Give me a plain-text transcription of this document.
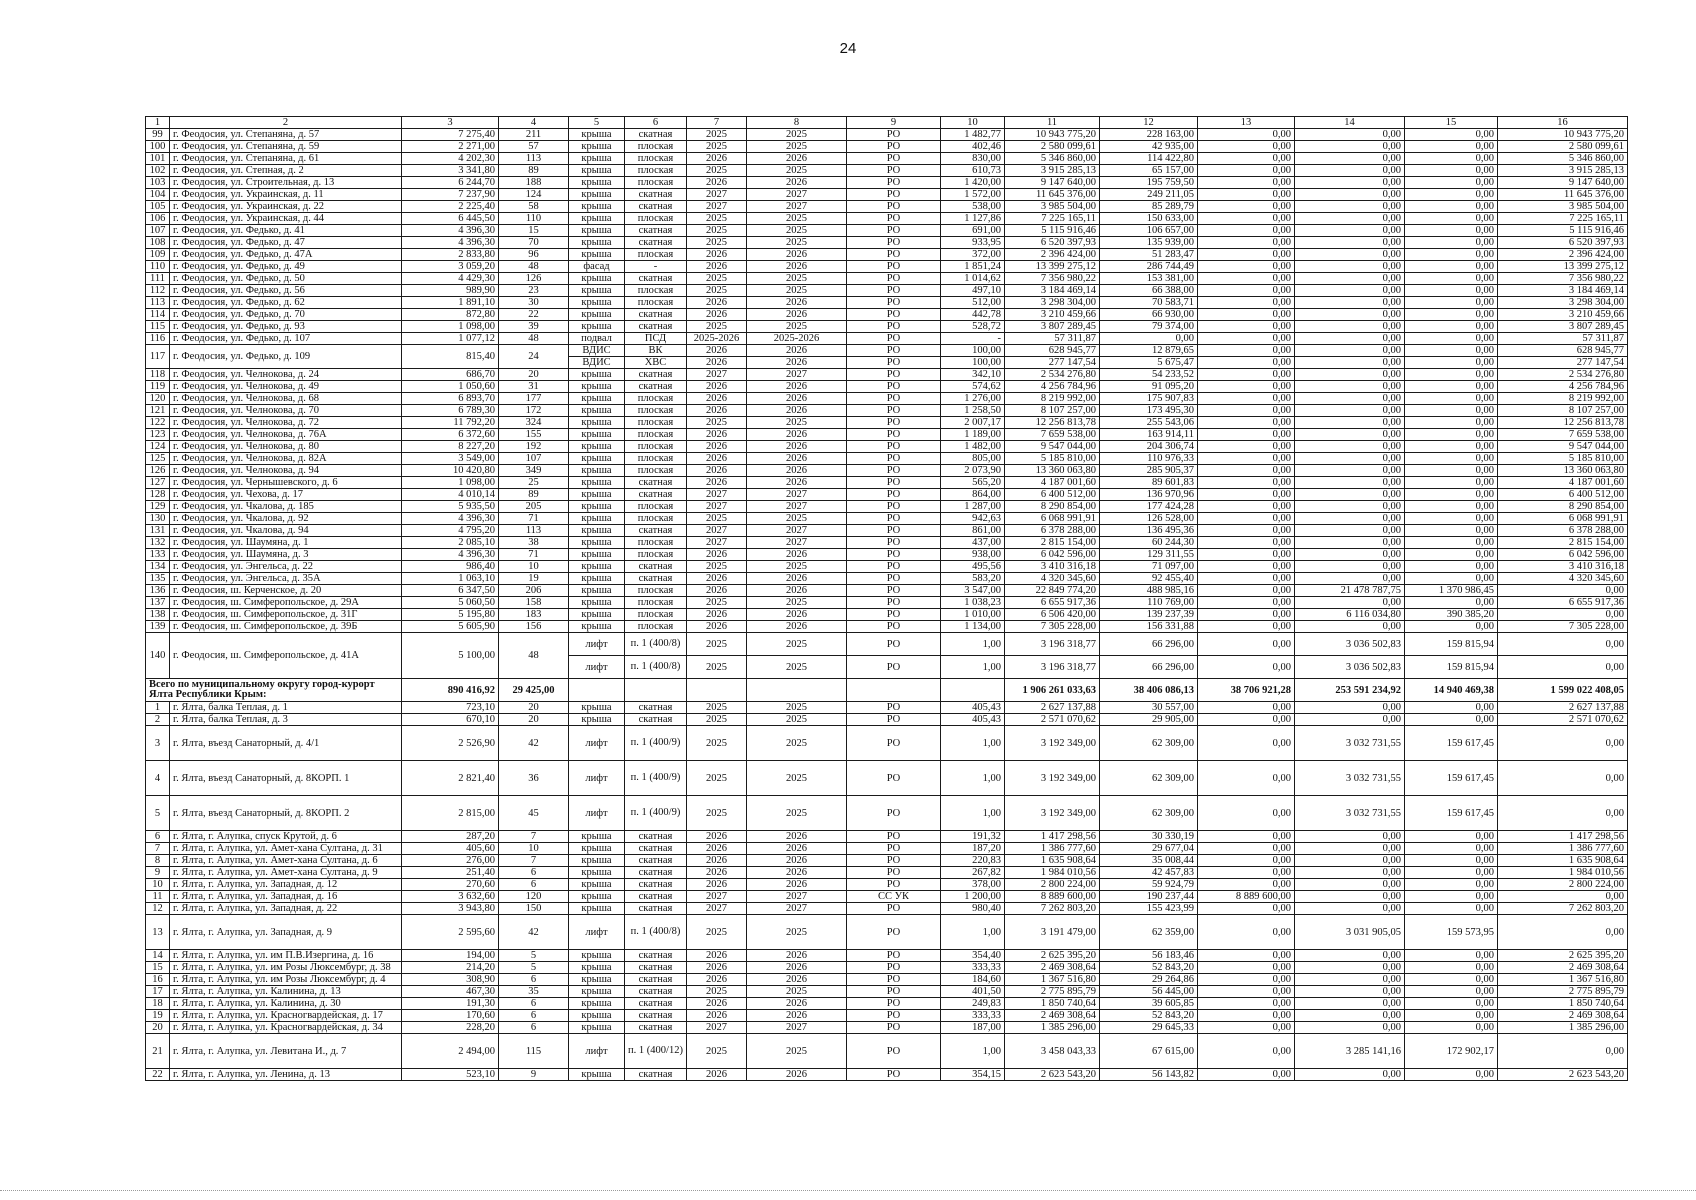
24
1	2	3	4	5	6	7	8	9	10	11	12	13	14	15	16
99	г. Феодосия, ул. Степаняна, д. 57	7 275,40	211	крыша	скатная	2025	2025	РО	1 482,77	10 943 775,20	228 163,00	0,00	0,00	0,00	10 943 775,20
100	г. Феодосия, ул. Степаняна, д. 59	2 271,00	57	крыша	плоская	2025	2025	РО	402,46	2 580 099,61	42 935,00	0,00	0,00	0,00	2 580 099,61
101	г. Феодосия, ул. Степаняна, д. 61	4 202,30	113	крыша	плоская	2026	2026	РО	830,00	5 346 860,00	114 422,80	0,00	0,00	0,00	5 346 860,00
102	г. Феодосия, ул. Степная, д. 2	3 341,80	89	крыша	плоская	2025	2025	РО	610,73	3 915 285,13	65 157,00	0,00	0,00	0,00	3 915 285,13
103	г. Феодосия, ул. Строительная, д. 13	6 244,70	188	крыша	плоская	2026	2026	РО	1 420,00	9 147 640,00	195 759,50	0,00	0,00	0,00	9 147 640,00
104	г. Феодосия, ул. Украинская, д. 11	7 237,90	124	крыша	скатная	2027	2027	РО	1 572,00	11 645 376,00	249 211,05	0,00	0,00	0,00	11 645 376,00
105	г. Феодосия, ул. Украинская, д. 22	2 225,40	58	крыша	скатная	2027	2027	РО	538,00	3 985 504,00	85 289,79	0,00	0,00	0,00	3 985 504,00
106	г. Феодосия, ул. Украинская, д. 44	6 445,50	110	крыша	плоская	2025	2025	РО	1 127,86	7 225 165,11	150 633,00	0,00	0,00	0,00	7 225 165,11
107	г. Феодосия, ул. Федько, д. 41	4 396,30	15	крыша	скатная	2025	2025	РО	691,00	5 115 916,46	106 657,00	0,00	0,00	0,00	5 115 916,46
108	г. Феодосия, ул. Федько, д. 47	4 396,30	70	крыша	скатная	2025	2025	РО	933,95	6 520 397,93	135 939,00	0,00	0,00	0,00	6 520 397,93
109	г. Феодосия, ул. Федько, д. 47А	2 833,80	96	крыша	плоская	2026	2026	РО	372,00	2 396 424,00	51 283,47	0,00	0,00	0,00	2 396 424,00
110	г. Феодосия, ул. Федько, д. 49	3 059,20	48	фасад	-	2026	2026	РО	1 851,24	13 399 275,12	286 744,49	0,00	0,00	0,00	13 399 275,12
111	г. Феодосия, ул. Федько, д. 50	4 429,30	126	крыша	скатная	2025	2025	РО	1 014,62	7 356 980,22	153 381,00	0,00	0,00	0,00	7 356 980,22
112	г. Феодосия, ул. Федько, д. 56	989,90	23	крыша	плоская	2025	2025	РО	497,10	3 184 469,14	66 388,00	0,00	0,00	0,00	3 184 469,14
113	г. Феодосия, ул. Федько, д. 62	1 891,10	30	крыша	плоская	2026	2026	РО	512,00	3 298 304,00	70 583,71	0,00	0,00	0,00	3 298 304,00
114	г. Феодосия, ул. Федько, д. 70	872,80	22	крыша	скатная	2026	2026	РО	442,78	3 210 459,66	66 930,00	0,00	0,00	0,00	3 210 459,66
115	г. Феодосия, ул. Федько, д. 93	1 098,00	39	крыша	скатная	2025	2025	РО	528,72	3 807 289,45	79 374,00	0,00	0,00	0,00	3 807 289,45
116	г. Феодосия, ул. Федько, д. 107	1 077,12	48	подвал	ПСД	2025-2026	2025-2026	РО	-	57 311,87	0,00	0,00	0,00	0,00	57 311,87
117	г. Феодосия, ул. Федько, д. 109	815,40	24	ВДИС	ВК	2026	2026	РО	100,00	628 945,77	12 879,65	0,00	0,00	0,00	628 945,77
				ВДИС	ХВС	2026	2026	РО	100,00	277 147,54	5 675,47	0,00	0,00	0,00	277 147,54
118	г. Феодосия, ул. Челнокова, д. 24	686,70	20	крыша	скатная	2027	2027	РО	342,10	2 534 276,80	54 233,52	0,00	0,00	0,00	2 534 276,80
119	г. Феодосия, ул. Челнокова, д. 49	1 050,60	31	крыша	скатная	2026	2026	РО	574,62	4 256 784,96	91 095,20	0,00	0,00	0,00	4 256 784,96
120	г. Феодосия, ул. Челнокова, д. 68	6 893,70	177	крыша	плоская	2026	2026	РО	1 276,00	8 219 992,00	175 907,83	0,00	0,00	0,00	8 219 992,00
121	г. Феодосия, ул. Челнокова, д. 70	6 789,30	172	крыша	плоская	2026	2026	РО	1 258,50	8 107 257,00	173 495,30	0,00	0,00	0,00	8 107 257,00
122	г. Феодосия, ул. Челнокова, д. 72	11 792,20	324	крыша	плоская	2025	2025	РО	2 007,17	12 256 813,78	255 543,06	0,00	0,00	0,00	12 256 813,78
123	г. Феодосия, ул. Челнокова, д. 76А	6 372,60	155	крыша	плоская	2026	2026	РО	1 189,00	7 659 538,00	163 914,11	0,00	0,00	0,00	7 659 538,00
124	г. Феодосия, ул. Челнокова, д. 80	8 227,20	192	крыша	плоская	2026	2026	РО	1 482,00	9 547 044,00	204 306,74	0,00	0,00	0,00	9 547 044,00
125	г. Феодосия, ул. Челнокова, д. 82А	3 549,00	107	крыша	плоская	2026	2026	РО	805,00	5 185 810,00	110 976,33	0,00	0,00	0,00	5 185 810,00
126	г. Феодосия, ул. Челнокова, д. 94	10 420,80	349	крыша	плоская	2026	2026	РО	2 073,90	13 360 063,80	285 905,37	0,00	0,00	0,00	13 360 063,80
127	г. Феодосия, ул. Чернышевского, д. 6	1 098,00	25	крыша	скатная	2026	2026	РО	565,20	4 187 001,60	89 601,83	0,00	0,00	0,00	4 187 001,60
128	г. Феодосия, ул. Чехова, д. 17	4 010,14	89	крыша	скатная	2027	2027	РО	864,00	6 400 512,00	136 970,96	0,00	0,00	0,00	6 400 512,00
129	г. Феодосия, ул. Чкалова, д. 185	5 935,50	205	крыша	плоская	2027	2027	РО	1 287,00	8 290 854,00	177 424,28	0,00	0,00	0,00	8 290 854,00
130	г. Феодосия, ул. Чкалова, д. 92	4 396,30	71	крыша	плоская	2025	2025	РО	942,63	6 068 991,91	126 528,00	0,00	0,00	0,00	6 068 991,91
131	г. Феодосия, ул. Чкалова, д. 94	4 795,20	113	крыша	скатная	2027	2027	РО	861,00	6 378 288,00	136 495,36	0,00	0,00	0,00	6 378 288,00
132	г. Феодосия, ул. Шаумяна, д. 1	2 085,10	38	крыша	плоская	2027	2027	РО	437,00	2 815 154,00	60 244,30	0,00	0,00	0,00	2 815 154,00
133	г. Феодосия, ул. Шаумяна, д. 3	4 396,30	71	крыша	плоская	2026	2026	РО	938,00	6 042 596,00	129 311,55	0,00	0,00	0,00	6 042 596,00
134	г. Феодосия, ул. Энгельса, д. 22	986,40	10	крыша	скатная	2025	2025	РО	495,56	3 410 316,18	71 097,00	0,00	0,00	0,00	3 410 316,18
135	г. Феодосия, ул. Энгельса, д. 35А	1 063,10	19	крыша	скатная	2026	2026	РО	583,20	4 320 345,60	92 455,40	0,00	0,00	0,00	4 320 345,60
136	г. Феодосия, ш. Керченское, д. 20	6 347,50	206	крыша	плоская	2026	2026	РО	3 547,00	22 849 774,20	488 985,16	0,00	21 478 787,75	1 370 986,45	0,00
137	г. Феодосия, ш. Симферопольское, д. 29А	5 060,50	158	крыша	плоская	2025	2025	РО	1 038,23	6 655 917,36	110 769,00	0,00	0,00	0,00	6 655 917,36
138	г. Феодосия, ш. Симферопольское, д. 31Г	5 195,80	183	крыша	плоская	2026	2026	РО	1 010,00	6 506 420,00	139 237,39	0,00	6 116 034,80	390 385,20	0,00
139	г. Феодосия, ш. Симферопольское, д. 39Б	5 605,90	156	крыша	плоская	2026	2026	РО	1 134,00	7 305 228,00	156 331,88	0,00	0,00	0,00	7 305 228,00
140	г. Феодосия, ш. Симферопольское, д. 41А	5 100,00	48	лифт	п. 1 (400/8)	2025	2025	РО	1,00	3 196 318,77	66 296,00	0,00	3 036 502,83	159 815,94	0,00
				лифт	п. 1 (400/8)	2025	2025	РО	1,00	3 196 318,77	66 296,00	0,00	3 036 502,83	159 815,94	0,00
Всего по муниципальному округу город-курорт Ялта Республики Крым:		890 416,92	29 425,00							1 906 261 033,63	38 406 086,13	38 706 921,28	253 591 234,92	14 940 469,38	1 599 022 408,05
1	г. Ялта, балка Теплая, д. 1	723,10	20	крыша	скатная	2025	2025	РО	405,43	2 627 137,88	30 557,00	0,00	0,00	0,00	2 627 137,88
2	г. Ялта, балка Теплая, д. 3	670,10	20	крыша	скатная	2025	2025	РО	405,43	2 571 070,62	29 905,00	0,00	0,00	0,00	2 571 070,62
3	г. Ялта, въезд Санаторный, д. 4/1	2 526,90	42	лифт	п. 1 (400/9)	2025	2025	РО	1,00	3 192 349,00	62 309,00	0,00	3 032 731,55	159 617,45	0,00
4	г. Ялта, въезд Санаторный, д. 8КОРП. 1	2 821,40	36	лифт	п. 1 (400/9)	2025	2025	РО	1,00	3 192 349,00	62 309,00	0,00	3 032 731,55	159 617,45	0,00
5	г. Ялта, въезд Санаторный, д. 8КОРП. 2	2 815,00	45	лифт	п. 1 (400/9)	2025	2025	РО	1,00	3 192 349,00	62 309,00	0,00	3 032 731,55	159 617,45	0,00
6	г. Ялта, г. Алупка, спуск Крутой, д. 6	287,20	7	крыша	скатная	2026	2026	РО	191,32	1 417 298,56	30 330,19	0,00	0,00	0,00	1 417 298,56
7	г. Ялта, г. Алупка, ул. Амет-хана Султана, д. 31	405,60	10	крыша	скатная	2026	2026	РО	187,20	1 386 777,60	29 677,04	0,00	0,00	0,00	1 386 777,60
8	г. Ялта, г. Алупка, ул. Амет-хана Султана, д. 6	276,00	7	крыша	скатная	2026	2026	РО	220,83	1 635 908,64	35 008,44	0,00	0,00	0,00	1 635 908,64
9	г. Ялта, г. Алупка, ул. Амет-хана Султана, д. 9	251,40	6	крыша	скатная	2026	2026	РО	267,82	1 984 010,56	42 457,83	0,00	0,00	0,00	1 984 010,56
10	г. Ялта, г. Алупка, ул. Западная, д. 12	270,60	6	крыша	скатная	2026	2026	РО	378,00	2 800 224,00	59 924,79	0,00	0,00	0,00	2 800 224,00
11	г. Ялта, г. Алупка, ул. Западная, д. 16	3 632,60	120	крыша	скатная	2027	2027	СС УК	1 200,00	8 889 600,00	190 237,44	8 889 600,00	0,00	0,00	0,00
12	г. Ялта, г. Алупка, ул. Западная, д. 22	3 943,80	150	крыша	скатная	2027	2027	РО	980,40	7 262 803,20	155 423,99	0,00	0,00	0,00	7 262 803,20
13	г. Ялта, г. Алупка, ул. Западная, д. 9	2 595,60	42	лифт	п. 1 (400/8)	2025	2025	РО	1,00	3 191 479,00	62 359,00	0,00	3 031 905,05	159 573,95	0,00
14	г. Ялта, г. Алупка, ул. им П.В.Изергина, д. 16	194,00	5	крыша	скатная	2026	2026	РО	354,40	2 625 395,20	56 183,46	0,00	0,00	0,00	2 625 395,20
15	г. Ялта, г. Алупка, ул. им Розы Люксембург, д. 38	214,20	5	крыша	скатная	2026	2026	РО	333,33	2 469 308,64	52 843,20	0,00	0,00	0,00	2 469 308,64
16	г. Ялта, г. Алупка, ул. им Розы Люксембург, д. 4	308,90	6	крыша	скатная	2026	2026	РО	184,60	1 367 516,80	29 264,86	0,00	0,00	0,00	1 367 516,80
17	г. Ялта, г. Алупка, ул. Калинина, д. 13	467,30	35	крыша	скатная	2025	2025	РО	401,50	2 775 895,79	56 445,00	0,00	0,00	0,00	2 775 895,79
18	г. Ялта, г. Алупка, ул. Калинина, д. 30	191,30	6	крыша	скатная	2026	2026	РО	249,83	1 850 740,64	39 605,85	0,00	0,00	0,00	1 850 740,64
19	г. Ялта, г. Алупка, ул. Красногвардейская, д. 17	170,60	6	крыша	скатная	2026	2026	РО	333,33	2 469 308,64	52 843,20	0,00	0,00	0,00	2 469 308,64
20	г. Ялта, г. Алупка, ул. Красногвардейская, д. 34	228,20	6	крыша	скатная	2027	2027	РО	187,00	1 385 296,00	29 645,33	0,00	0,00	0,00	1 385 296,00
21	г. Ялта, г. Алупка, ул. Левитана И., д. 7	2 494,00	115	лифт	п. 1 (400/12)	2025	2025	РО	1,00	3 458 043,33	67 615,00	0,00	3 285 141,16	172 902,17	0,00
22	г. Ялта, г. Алупка, ул. Ленина, д. 13	523,10	9	крыша	скатная	2026	2026	РО	354,15	2 623 543,20	56 143,82	0,00	0,00	0,00	2 623 543,20
